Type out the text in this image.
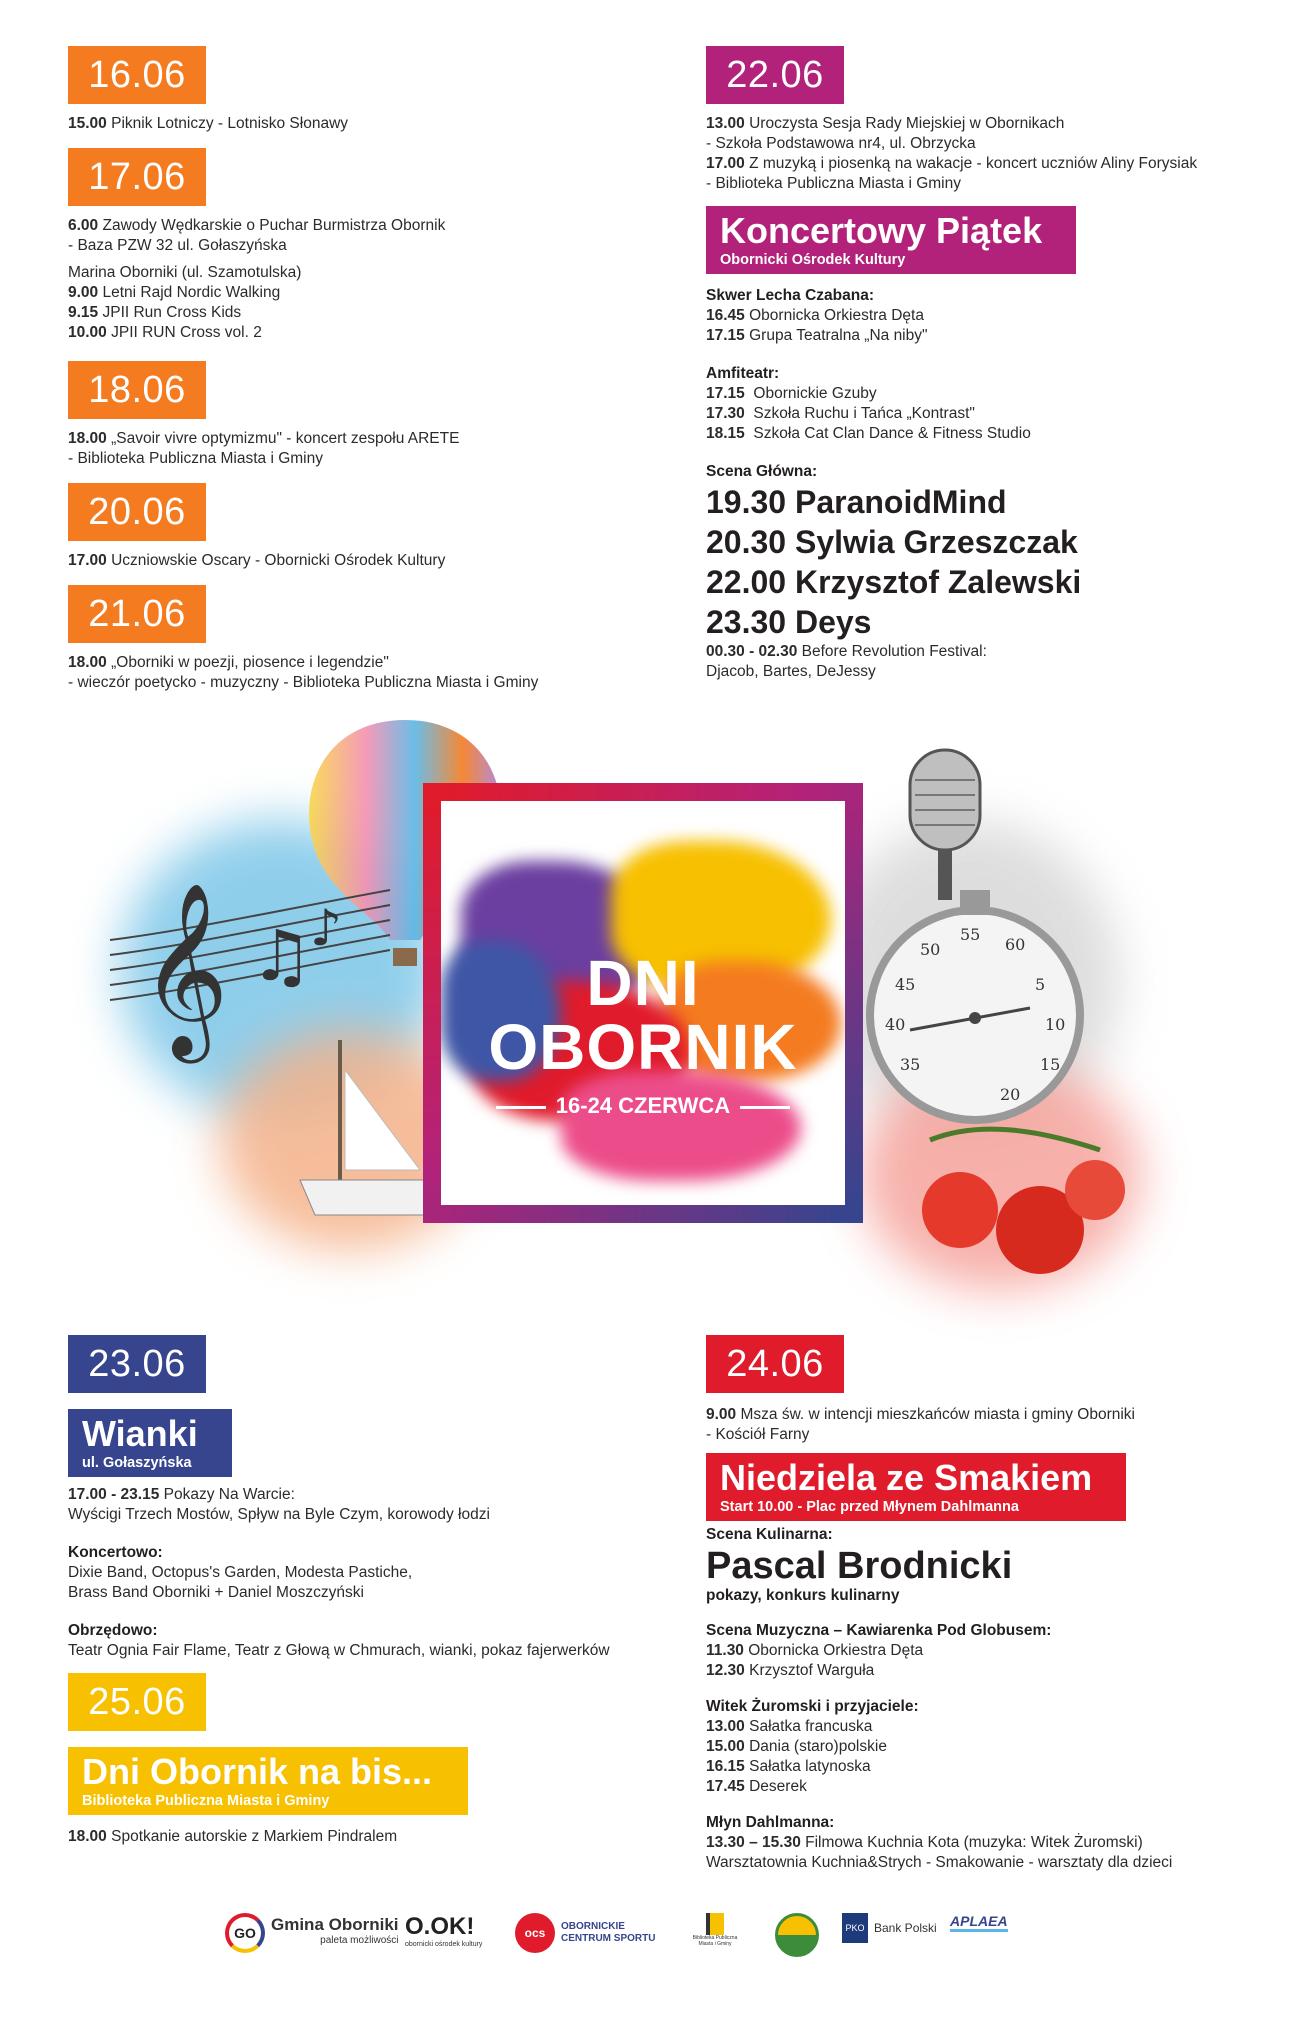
16.06
15.00 Piknik Lotniczy - Lotnisko Słonawy
17.06
6.00 Zawody Wędkarskie o Puchar Burmistrza Obornik
- Baza PZW 32 ul. Gołaszyńska
Marina Oborniki (ul. Szamotulska)
9.00 Letni Rajd Nordic Walking
9.15 JPII Run Cross Kids
10.00 JPII RUN Cross vol. 2
18.06
18.00 „Savoir vivre optymizmu" - koncert zespołu ARETE
- Biblioteka Publiczna Miasta i Gminy
20.06
17.00 Uczniowskie Oscary - Obornicki Ośrodek Kultury
21.06
18.00 „Oborniki w poezji, piosence i legendzie"
- wieczór poetycko - muzyczny - Biblioteka Publiczna Miasta i Gminy
22.06
13.00 Uroczysta Sesja Rady Miejskiej w Obornikach
- Szkoła Podstawowa nr4, ul. Obrzycka
17.00 Z muzyką i piosenką na wakacje - koncert uczniów Aliny Forysiak
- Biblioteka Publiczna Miasta i Gminy
Koncertowy Piątek
Obornicki Ośrodek Kultury
Skwer Lecha Czabana:
16.45 Obornicka Orkiestra Dęta
17.15 Grupa Teatralna „Na niby"
Amfiteatr:
17.15 Obornickie Gzuby
17.30 Szkoła Ruchu i Tańca „Kontrast"
18.15 Szkoła Cat Clan Dance & Fitness Studio
Scena Główna:
19.30 ParanoidMind
20.30 Sylwia Grzeszczak
22.00 Krzysztof Zalewski
23.30 Deys
00.30 - 02.30 Before Revolution Festival:
Djacob, Bartes, DeJessy
𝄞 ♫
♪	50
55
60
45	5
40	10
35	15
20
DNI
OBORNIK
16-24 CZERWCA
23.06
Wianki
ul. Gołaszyńska
17.00 - 23.15 Pokazy Na Warcie:
Wyścigi Trzech Mostów, Spływ na Byle Czym, korowody łodzi
Koncertowo:
Dixie Band, Octopus's Garden, Modesta Pastiche,
Brass Band Oborniki + Daniel Moszczyński
Obrzędowo:
Teatr Ognia Fair Flame, Teatr z Głową w Chmurach, wianki, pokaz fajerwerków
25.06
Dni Obornik na bis...
Biblioteka Publiczna Miasta i Gminy
18.00 Spotkanie autorskie z Markiem Pindralem
24.06
9.00 Msza św. w intencji mieszkańców miasta i gminy Oborniki
- Kościół Farny
Niedziela ze Smakiem
Start 10.00 - Plac przed Młynem Dahlmanna
Scena Kulinarna:
Pascal Brodnicki
pokazy, konkurs kulinarny
Scena Muzyczna – Kawiarenka Pod Globusem:
11.30 Obornicka Orkiestra Dęta
12.30 Krzysztof Warguła
Witek Żuromski i przyjaciele:
13.00 Sałatka francuska
15.00 Dania (staro)polskie
16.15 Sałatka latynoska
17.45 Deserek
Młyn Dahlmanna:
13.30 – 15.30 Filmowa Kuchnia Kota (muzyka: Witek Żuromski)
Warsztatownia Kuchnia&Strych - Smakowanie - warsztaty dla dzieci
GO Gmina Oborniki
paleta możliwości
O.OK!
obornicki ośrodek kultury
ocs	OBORNICKIE CENTRUM SPORTU	Biblioteka Publiczna Miasta i Gminy
PKO Bank Polski APLAEA
